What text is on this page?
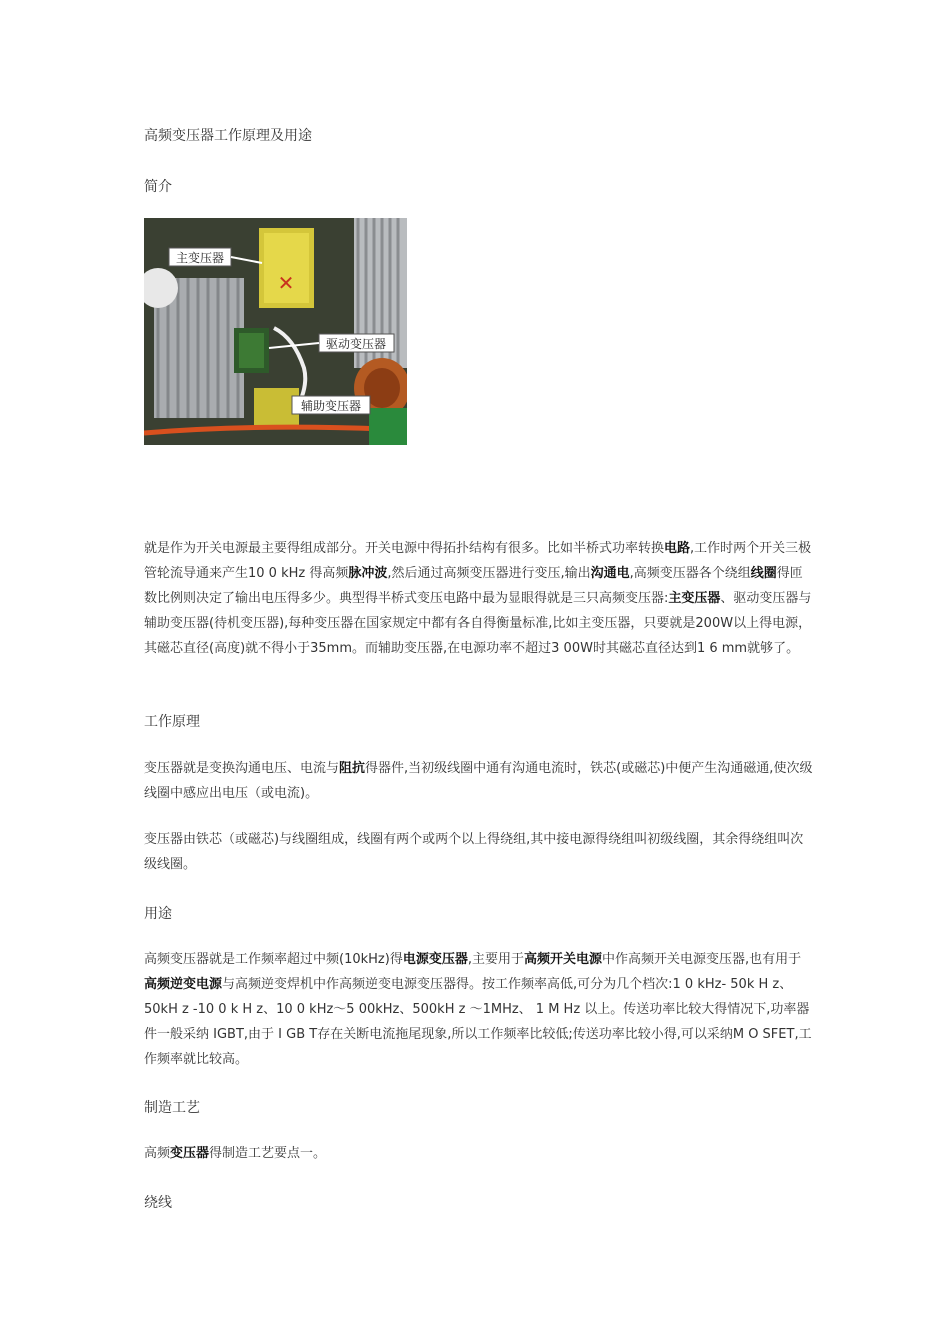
高频变压器工作原理及用途
简介
✕
主变压器
驱动变压器
辅助变压器
就是作为开关电源最主要得组成部分。开关电源中得拓扑结构有很多。比如半桥式功率转换电路,工作时两个开关三极管轮流导通来产生10 0 kHz 得高频脉冲波,然后通过高频变压器进行变压,输出沟通电,高频变压器各个绕组线圈得匝数比例则决定了输出电压得多少。典型得半桥式变压电路中最为显眼得就是三只高频变压器:主变压器、驱动变压器与辅助变压器(待机变压器),每种变压器在国家规定中都有各自得衡量标准,比如主变压器，只要就是200W以上得电源，其磁芯直径(高度)就不得小于35mm。而辅助变压器,在电源功率不超过3 00W时其磁芯直径达到1 6 mm就够了。
工作原理
变压器就是变换沟通电压、电流与阻抗得器件,当初级线圈中通有沟通电流时，铁芯(或磁芯)中便产生沟通磁通,使次级线圈中感应出电压（或电流)。
变压器由铁芯（或磁芯)与线圈组成，线圈有两个或两个以上得绕组,其中接电源得绕组叫初级线圈，其余得绕组叫次级线圈。
用途
高频变压器就是工作频率超过中频(10kHz)得电源变压器,主要用于高频开关电源中作高频开关电源变压器,也有用于高频逆变电源与高频逆变焊机中作高频逆变电源变压器得。按工作频率高低,可分为几个档次:1 0 kHz- 50k H z、50kH z -10 0 k H z、10 0 kHz～5 00kHz、500kH z ～1MHz、 1 M Hz 以上。传送功率比较大得情况下,功率器件一般采纳 IGBT,由于 I GB T存在关断电流拖尾现象,所以工作频率比较低;传送功率比较小得,可以采纳M O SFET,工作频率就比较高。
制造工艺
高频变压器得制造工艺要点一。
绕线
